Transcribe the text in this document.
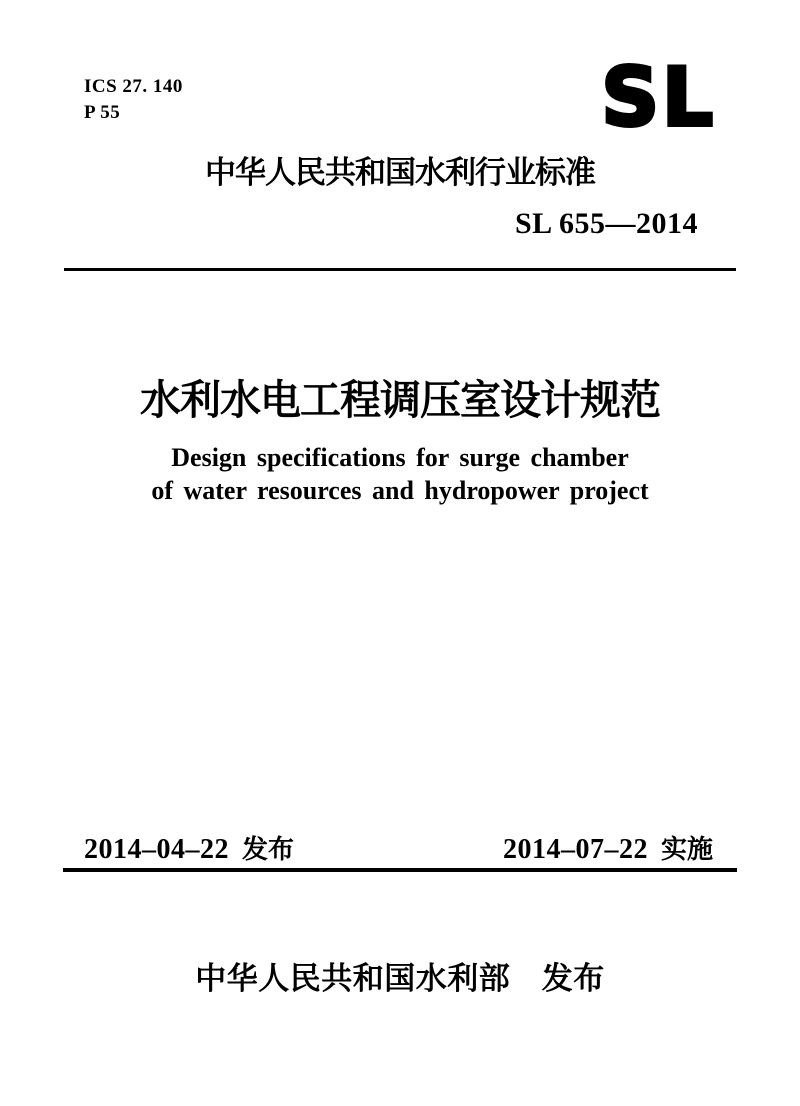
ICS 27. 140
P 55	SL
中华人民共和国水利行业标准
SL 655—2014
水利水电工程调压室设计规范
Design specifications for surge chamber
of water resources and hydropower project
2014–04–22 发布	2014–07–22 实施
中华人民共和国水利部　发布
